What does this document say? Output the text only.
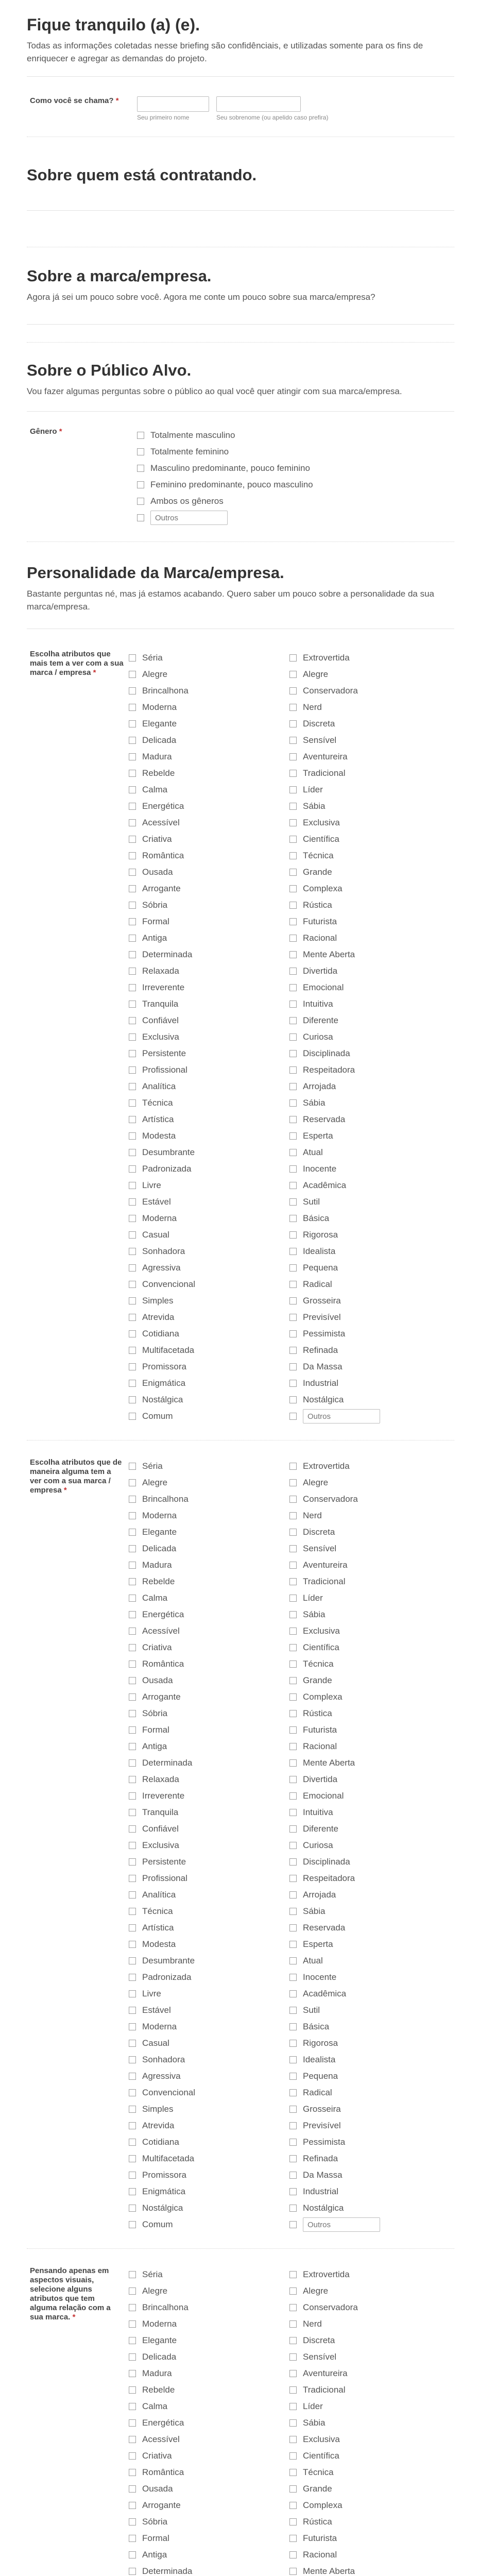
Fique tranquilo (a) (e).
Todas as informações coletadas nesse briefing são confidênciais, e utilizadas somente para os fins de enriquecer e agregar as demandas do projeto.
Como você se chama? *
Seu primeiro nome	Seu sobrenome (ou apelido caso prefira)
Sobre quem está contratando.
Sobre a marca/empresa.
Agora já sei um pouco sobre você. Agora me conte um pouco sobre sua marca/empresa?
Sobre o Público Alvo.
Vou fazer algumas perguntas sobre o público ao qual você quer atingir com sua marca/empresa.
Gênero *	Totalmente masculino
Totalmente feminino
Masculino predominante, pouco feminino
Feminino predominante, pouco masculino
Ambos os gêneros
Outros
Personalidade da Marca/empresa.
Bastante perguntas né, mas já estamos acabando. Quero saber um pouco sobre a personalidade da sua marca/empresa.
Escolha atributos que mais tem a ver com a sua marca / empresa *
Séria
Alegre
Brincalhona
Moderna
Elegante
Delicada
Madura
Rebelde
Calma
Energética
Acessível
Criativa
Romântica
Ousada
Arrogante
Sóbria
Formal
Antiga
Determinada
Relaxada
Irreverente
Tranquila
Confiável
Exclusiva
Persistente
Profissional
Analítica
Técnica
Artística
Modesta
Desumbrante
Padronizada
Livre
Estável
Moderna
Casual
Sonhadora
Agressiva
Convencional
Simples
Atrevida
Cotidiana
Multifacetada
Promissora
Enigmática
Nostálgica
Comum
Extrovertida
Alegre
Conservadora
Nerd
Discreta
Sensível
Aventureira
Tradicional
Líder
Sábia
Exclusiva
Científica
Técnica
Grande
Complexa
Rústica
Futurista
Racional
Mente Aberta
Divertida
Emocional
Intuitiva
Diferente
Curiosa
Disciplinada
Respeitadora
Arrojada
Sábia
Reservada
Esperta
Atual
Inocente
Acadêmica
Sutil
Básica
Rigorosa
Idealista
Pequena
Radical
Grosseira
Previsível
Pessimista
Refinada
Da Massa
Industrial
Nostálgica
Outros
Escolha atributos que de maneira alguma tem a ver com a sua marca / empresa *
Séria
Alegre
Brincalhona
Moderna
Elegante
Delicada
Madura
Rebelde
Calma
Energética
Acessível
Criativa
Romântica
Ousada
Arrogante
Sóbria
Formal
Antiga
Determinada
Relaxada
Irreverente
Tranquila
Confiável
Exclusiva
Persistente
Profissional
Analítica
Técnica
Artística
Modesta
Desumbrante
Padronizada
Livre
Estável
Moderna
Casual
Sonhadora
Agressiva
Convencional
Simples
Atrevida
Cotidiana
Multifacetada
Promissora
Enigmática
Nostálgica
Comum
Extrovertida
Alegre
Conservadora
Nerd
Discreta
Sensível
Aventureira
Tradicional
Líder
Sábia
Exclusiva
Científica
Técnica
Grande
Complexa
Rústica
Futurista
Racional
Mente Aberta
Divertida
Emocional
Intuitiva
Diferente
Curiosa
Disciplinada
Respeitadora
Arrojada
Sábia
Reservada
Esperta
Atual
Inocente
Acadêmica
Sutil
Básica
Rigorosa
Idealista
Pequena
Radical
Grosseira
Previsível
Pessimista
Refinada
Da Massa
Industrial
Nostálgica
Outros
Pensando apenas em aspectos visuais, selecione alguns atributos que tem alguma relação com a sua marca. *
Séria
Alegre
Brincalhona
Moderna
Elegante
Delicada
Madura
Rebelde
Calma
Energética
Acessível
Criativa
Romântica
Ousada
Arrogante
Sóbria
Formal
Antiga
Determinada
Extrovertida
Alegre
Conservadora
Nerd
Discreta
Sensível
Aventureira
Tradicional
Líder
Sábia
Exclusiva
Científica
Técnica
Grande
Complexa
Rústica
Futurista
Racional
Mente Aberta
